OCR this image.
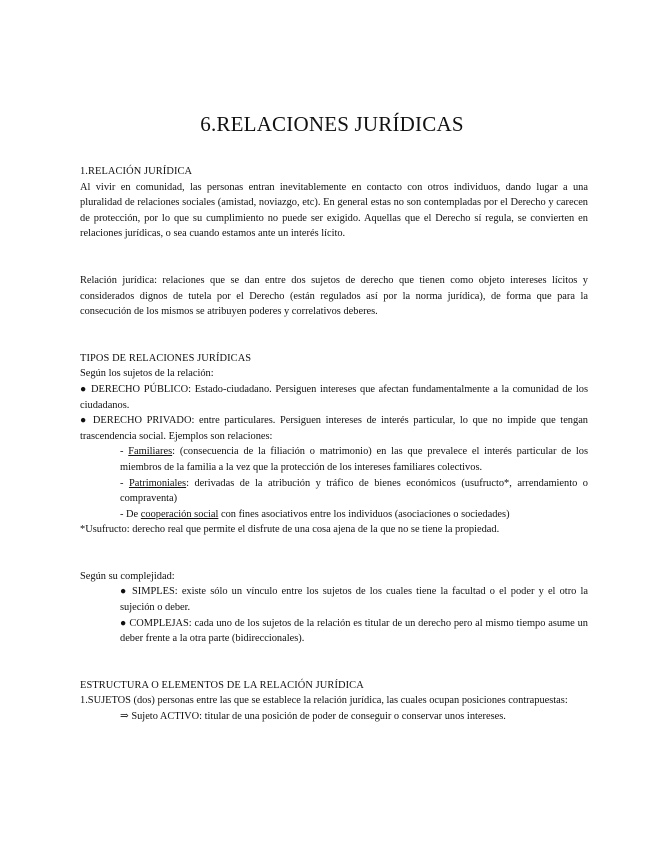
6.RELACIONES JURÍDICAS

1.RELACIÓN JURÍDICA

Al vivir en comunidad, las personas entran inevitablemente en contacto con otros individuos, dando lugar a una pluralidad de relaciones sociales (amistad, noviazgo, etc). En general estas no son contempladas por el Derecho y carecen de protección, por lo que su cumplimiento no puede ser exigido. Aquellas que el Derecho sí regula, se convierten en relaciones jurídicas, o sea cuando estamos ante un interés lícito.

Relación jurídica: relaciones que se dan entre dos sujetos de derecho que tienen como objeto intereses lícitos y considerados dignos de tutela por el Derecho (están regulados así por la norma jurídica), de forma que para la consecución de los mismos se atribuyen poderes y correlativos deberes.

TIPOS DE RELACIONES JURÍDICAS

Según los sujetos de la relación:

● DERECHO PÚBLICO: Estado-ciudadano. Persiguen intereses que afectan fundamentalmente a la comunidad de los ciudadanos.

● DERECHO PRIVADO: entre particulares. Persiguen intereses de interés particular, lo que no impide que tengan trascendencia social. Ejemplos son relaciones:

- Familiares: (consecuencia de la filiación o matrimonio) en las que prevalece el interés particular de los miembros de la familia a la vez que la protección de los intereses familiares colectivos.

- Patrimoniales: derivadas de la atribución y tráfico de bienes económicos (usufructo*, arrendamiento o compraventa)

- De cooperación social con fines asociativos entre los individuos (asociaciones o sociedades)

*Usufructo: derecho real que permite el disfrute de una cosa ajena de la que no se tiene la propiedad.

Según su complejidad:

● SIMPLES: existe sólo un vínculo entre los sujetos de los cuales tiene la facultad o el poder y el otro la sujeción o deber.

● COMPLEJAS: cada uno de los sujetos de la relación es titular de un derecho pero al mismo tiempo asume un deber frente a la otra parte (bidireccionales).

ESTRUCTURA O ELEMENTOS DE LA RELACIÓN JURÍDICA

1.SUJETOS (dos) personas entre las que se establece la relación jurídica, las cuales ocupan posiciones contrapuestas:

⇒ Sujeto ACTIVO: titular de una posición de poder de conseguir o conservar unos intereses.
